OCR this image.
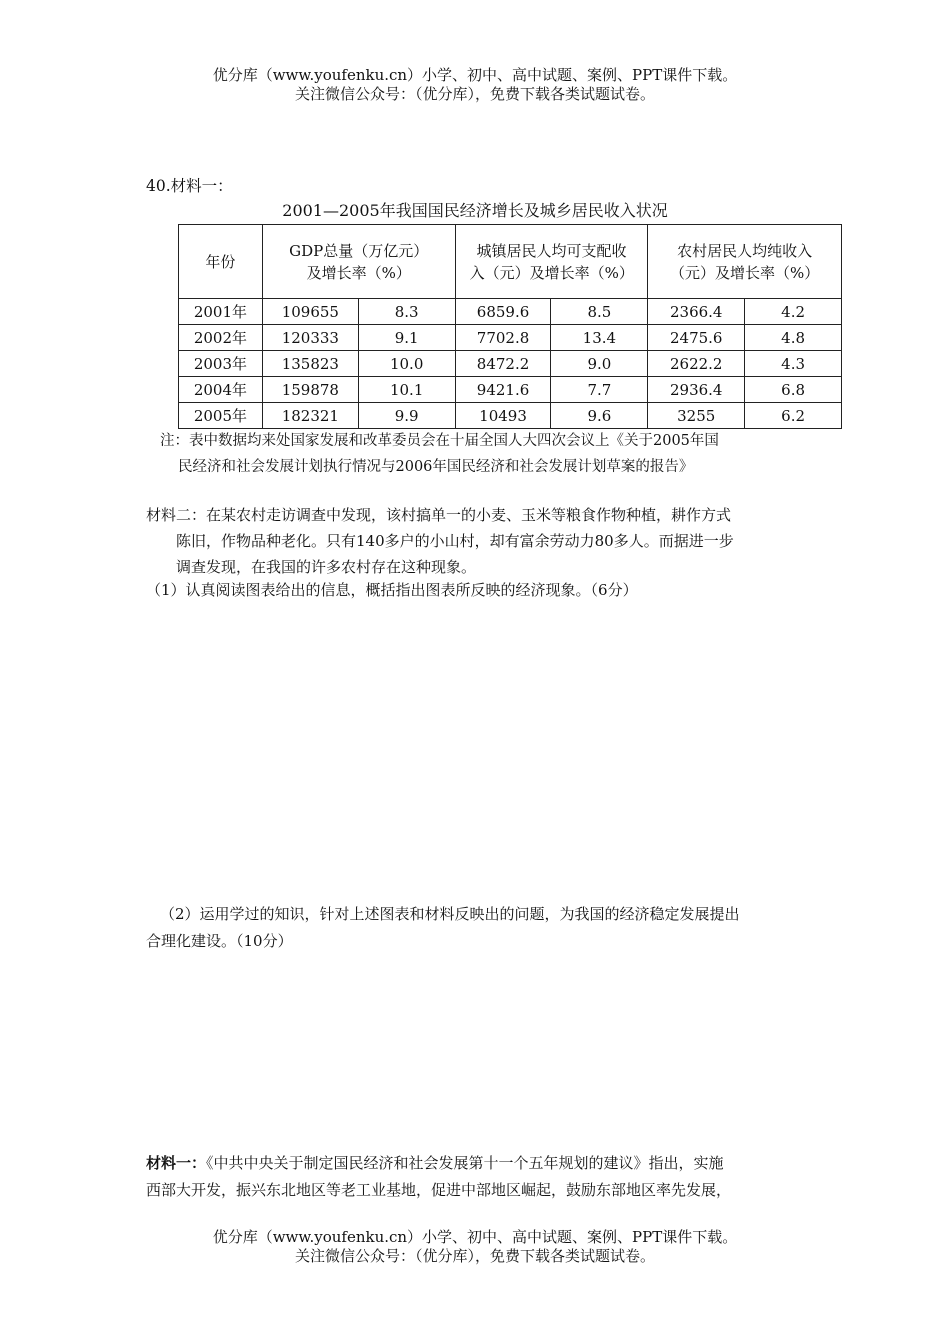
优分库（www.youfenku.cn）小学、初中、高中试题、案例、PPT课件下载。
关注微信公众号：（优分库），免费下载各类试题试卷。
40.材料一：
2001—2005年我国国民经济增长及城乡居民收入状况
年份	GDP总量（万亿元）及增长率（%）		城镇居民人均可支配收入（元）及增长率（%）		农村居民人均纯收入（元）及增长率（%）	

2001年	109655	8.3	6859.6	8.5	2366.4	4.2
2002年	120333	9.1	7702.8	13.4	2475.6	4.8
2003年	135823	10.0	8472.2	9.0	2622.2	4.3
2004年	159878	10.1	9421.6	7.7	2936.4	6.8
2005年	182321	9.9	10493	9.6	3255	6.2
注：表中数据均来处国家发展和改革委员会在十届全国人大四次会议上《关于2005年国
民经济和社会发展计划执行情况与2006年国民经济和社会发展计划草案的报告》
材料二：在某农村走访调查中发现，该村搞单一的小麦、玉米等粮食作物种植，耕作方式
陈旧，作物品种老化。只有140多户的小山村，却有富余劳动力80多人。而据进一步
调查发现，在我国的许多农村存在这种现象。
（1）认真阅读图表给出的信息，概括指出图表所反映的经济现象。（6分）
（2）运用学过的知识，针对上述图表和材料反映出的问题，为我国的经济稳定发展提出
合理化建设。（10分）
材料一：《中共中央关于制定国民经济和社会发展第十一个五年规划的建议》指出，实施
西部大开发，振兴东北地区等老工业基地，促进中部地区崛起，鼓励东部地区率先发展，
优分库（www.youfenku.cn）小学、初中、高中试题、案例、PPT课件下载。
关注微信公众号：（优分库），免费下载各类试题试卷。
